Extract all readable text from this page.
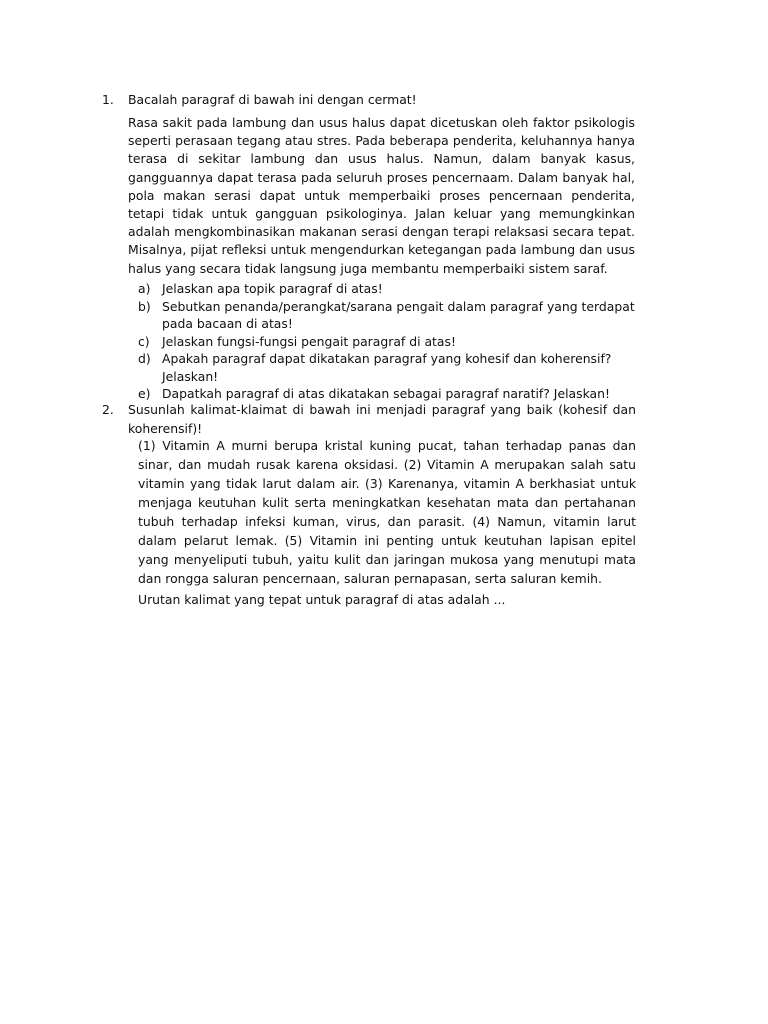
1. Bacalah paragraf di bawah ini dengan cermat!

Rasa sakit pada lambung dan usus halus dapat dicetuskan oleh faktor psikologis seperti perasaan tegang atau stres. Pada beberapa penderita, keluhannya hanya terasa di sekitar lambung dan usus halus. Namun, dalam banyak kasus, gangguannya dapat terasa pada seluruh proses pencernaam. Dalam banyak hal, pola makan serasi dapat untuk memperbaiki proses pencernaan penderita, tetapi tidak untuk gangguan psikologinya. Jalan keluar yang memungkinkan adalah mengkombinasikan makanan serasi dengan terapi relaksasi secara tepat. Misalnya, pijat refleksi untuk mengendurkan ketegangan pada lambung dan usus halus yang secara tidak langsung juga membantu memperbaiki sistem saraf.

a) Jelaskan apa topik paragraf di atas!
b) Sebutkan penanda/perangkat/sarana pengait dalam paragraf yang terdapat pada bacaan di atas!
c) Jelaskan fungsi-fungsi pengait paragraf di atas!
d) Apakah paragraf dapat dikatakan paragraf yang kohesif dan koherensif? Jelaskan!
e) Dapatkah paragraf di atas dikatakan sebagai paragraf naratif? Jelaskan!
2. Susunlah kalimat-klaimat di bawah ini menjadi paragraf yang baik (kohesif dan koherensif)!

(1) Vitamin A murni berupa kristal kuning pucat, tahan terhadap panas dan sinar, dan mudah rusak karena oksidasi. (2) Vitamin A merupakan salah satu vitamin yang tidak larut dalam air. (3) Karenanya, vitamin A berkhasiat untuk menjaga keutuhan kulit serta meningkatkan kesehatan mata dan pertahanan tubuh terhadap infeksi kuman, virus, dan parasit. (4) Namun, vitamin larut dalam pelarut lemak. (5) Vitamin ini penting untuk keutuhan lapisan epitel yang menyeliputi tubuh, yaitu kulit dan jaringan mukosa yang menutupi mata dan rongga saluran pencernaan, saluran pernapasan, serta saluran kemih.

Urutan kalimat yang tepat untuk paragraf di atas adalah ...
